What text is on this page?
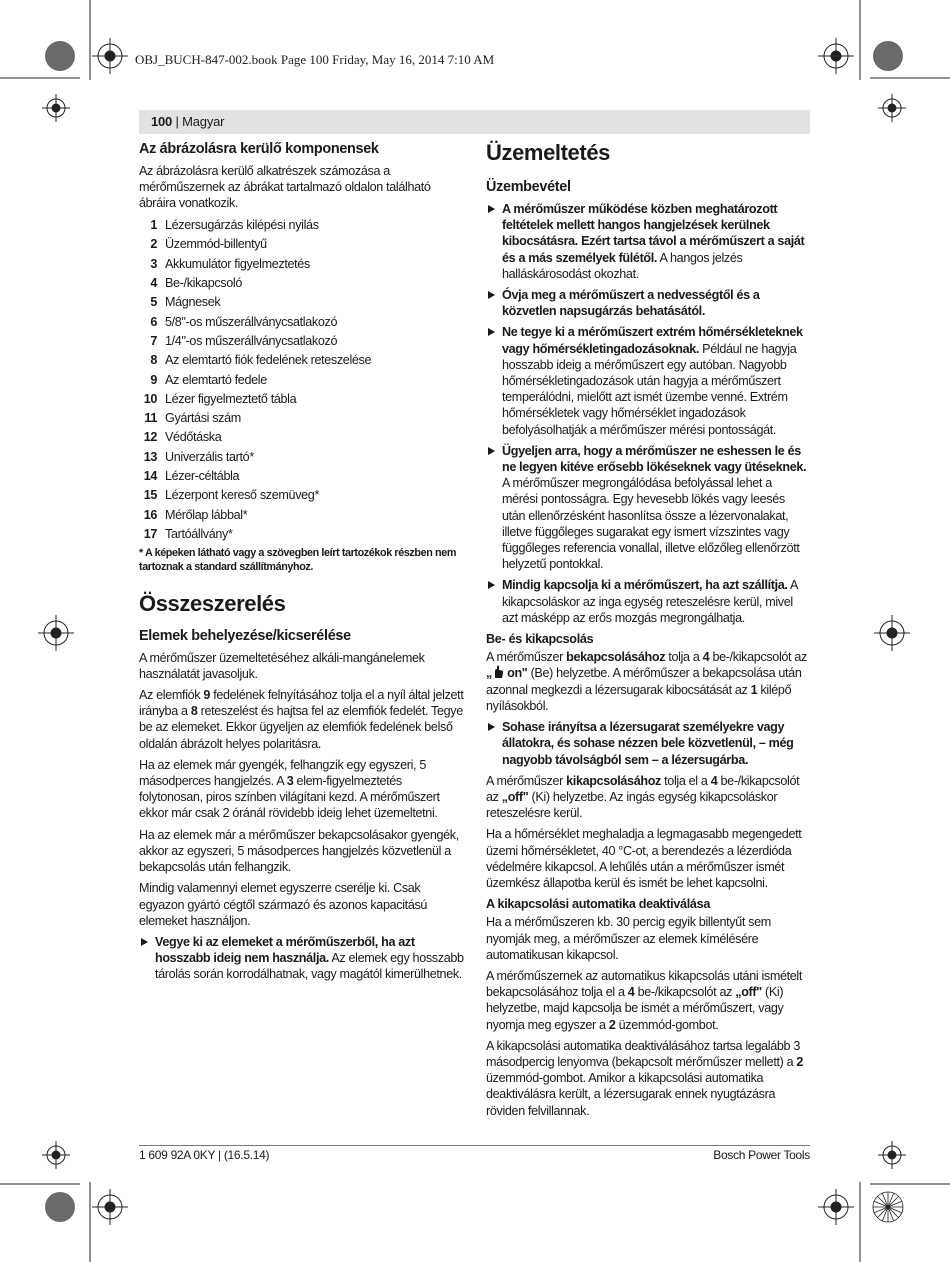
OBJ_BUCH-847-002.book Page 100 Friday, May 16, 2014 7:10 AM
100 | Magyar
Az ábrázolásra kerülő komponensek

Az ábrázolásra kerülő alkatrészek számozása a mérőműszernek az ábrákat tartalmazó oldalon található ábráira vonatkozik.

1 Lézersugárzás kilépési nyilás
2 Üzemmód-billentyű
3 Akkumulátor figyelmeztetés
4 Be-/kikapcsoló
5 Mágnesek
6 5/8"-os műszerállványcsatlakozó
7 1/4"-os műszerállványcsatlakozó
8 Az elemtartó fiók fedelének reteszelése
9 Az elemtartó fedele
10 Lézer figyelmeztető tábla
11 Gyártási szám
12 Védőtáska
13 Univerzális tartó*
14 Lézer-céltábla
15 Lézerpont kereső szemüveg*
16 Mérőlap lábbal*
17 Tartóállvány*

* A képeken látható vagy a szövegben leírt tartozékok részben nem tartoznak a standard szállítmányhoz.

Összeszerelés
Elemek behelyezése/kicserélése

A mérőműszer üzemeltetéséhez alkáli-mangánelemek használatát javasoljuk.

Az elemfiók 9 fedelének felnyításához tolja el a nyíl által jelzett irányba a 8 reteszelést és hajtsa fel az elemfiók fedelét. Tegye be az elemeket. Ekkor ügyeljen az elemfiók fedelének belső oldalán ábrázolt helyes polaritásra.

Ha az elemek már gyengék, felhangzik egy egyszeri, 5 másodperces hangjelzés. A 3 elem-figyelmeztetés folytonosan, piros színben világítani kezd. A mérőműszert ekkor már csak 2 óránál rövidebb ideig lehet üzemeltetni.

Ha az elemek már a mérőműszer bekapcsolásakor gyengék, akkor az egyszeri, 5 másodperces hangjelzés közvetlenül a bekapcsolás után felhangzik.

Mindig valamennyi elemet egyszerre cserélje ki. Csak egyazon gyártó cégtől származó és azonos kapacitású elemeket használjon.

Vegye ki az elemeket a mérőműszerből, ha azt hosszabb ideig nem használja. Az elemek egy hosszabb tárolás során korrodálhatnak, vagy magától kimerülhetnek.
Üzemeltetés
Üzembevétel
A mérőműszer működése közben meghatározott feltételek mellett hangos hangjelzések kerülnek kibocsátásra. Ezért tartsa távol a mérőműszert a saját és a más személyek fülétől. A hangos jelzés halláskárosodást okozhat.
Óvja meg a mérőműszert a nedvességtől és a közvetlen napsugárzás behatásától.
Ne tegye ki a mérőműszert extrém hőmérsékleteknek vagy hőmérsékletingadozásoknak. Például ne hagyja hosszabb ideig a mérőműszert egy autóban. Nagyobb hőmérsékletingadozások után hagyja a mérőműszert temperálódni, mielőtt azt ismét üzembe venné. Extrém hőmérsékletek vagy hőmérséklet ingadozások befolyásolhatják a mérőműszer mérési pontosságát.
Ügyeljen arra, hogy a mérőműszer ne eshessen le és ne legyen kitéve erősebb lökéseknek vagy ütéseknek. A mérőműszer megrongálódása befolyással lehet a mérési pontosságra. Egy hevesebb lökés vagy leesés után ellenőrzésként hasonlítsa össze a lézervonalakat, illetve függőleges sugarakat egy ismert vízszintes vagy függőleges referencia vonallal, illetve előzőleg ellenőrzött helyzetű pontokkal.
Mindig kapcsolja ki a mérőműszert, ha azt szállítja. A kikapcsoláskor az inga egység reteszelésre kerül, mivel azt másképp az erős mozgás megrongálhatja.
Be- és kikapcsolás

A mérőműszer bekapcsolásához tolja a 4 be-/kikapcsolót az
„ on" (Be) helyzetbe. A mérőműszer a bekapcsolása után azonnal megkezdi a lézersugarak kibocsátását az 1 kilépő nyílásokból.

Sohase irányítsa a lézersugarat személyekre vagy állatokra, és sohase nézzen bele közvetlenül, – még nagyobb távolságból sem – a lézersugárba.

A mérőműszer kikapcsolásához tolja el a 4 be-/kikapcsolót az „off" (Ki) helyzetbe. Az ingás egység kikapcsoláskor reteszelésre kerül.

Ha a hőmérséklet meghaladja a legmagasabb megengedett üzemi hőmérsékletet, 40 °C-ot, a berendezés a lézerdióda védelmére kikapcsol. A lehűlés után a mérőműszer ismét üzemkész állapotba kerül és ismét be lehet kapcsolni.

A kikapcsolási automatika deaktiválása

Ha a mérőműszeren kb. 30 percig egyik billentyűt sem nyomják meg, a mérőműszer az elemek kímélésére automatikusan kikapcsol.

A mérőműszernek az automatikus kikapcsolás utáni ismételt bekapcsolásához tolja el a 4 be-/kikapcsolót az „off" (Ki) helyzetbe, majd kapcsolja be ismét a mérőműszert, vagy nyomja meg egyszer a 2 üzemmód-gombot.

A kikapcsolási automatika deaktiválásához tartsa legalább 3 másodpercig lenyomva (bekapcsolt mérőműszer mellett) a 2 üzemmód-gombot. Amikor a kikapcsolási automatika deaktiválásra került, a lézersugarak ennek nyugtázásra röviden felvillannak.

1 609 92A 0KY | (16.5.14)	Bosch Power Tools
